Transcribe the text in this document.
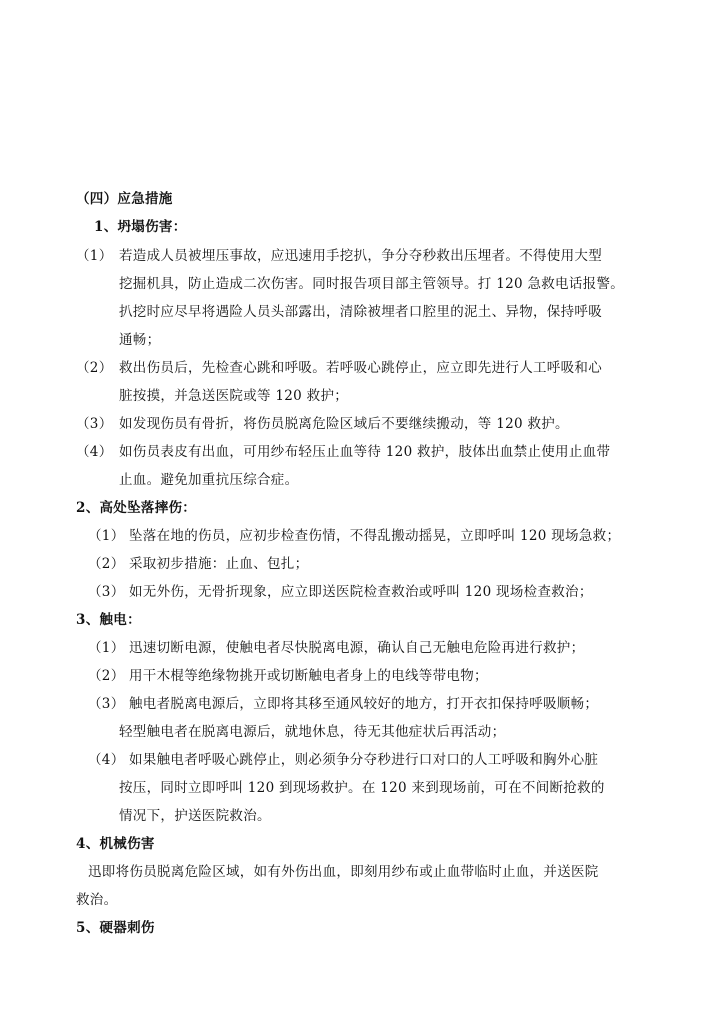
（四）应急措施
1、坍塌伤害：
（1） 若造成人员被埋压事故，应迅速用手挖扒，争分夺秒救出压埋者。不得使用大型
挖掘机具，防止造成二次伤害。同时报告项目部主管领导。打 120 急救电话报警。
扒挖时应尽早将遇险人员头部露出，清除被埋者口腔里的泥土、异物，保持呼吸
通畅；
（2） 救出伤员后，先检查心跳和呼吸。若呼吸心跳停止，应立即先进行人工呼吸和心
脏按摸，并急送医院或等 120 救护；
（3） 如发现伤员有骨折，将伤员脱离危险区域后不要继续搬动，等 120 救护。
（4） 如伤员表皮有出血，可用纱布轻压止血等待 120 救护，肢体出血禁止使用止血带
止血。避免加重抗压综合症。
2、高处坠落摔伤：
（1） 坠落在地的伤员，应初步检查伤情，不得乱搬动摇晃，立即呼叫 120 现场急救；
（2） 采取初步措施：止血、包扎；
（3） 如无外伤，无骨折现象，应立即送医院检查救治或呼叫 120 现场检查救治；
3、触电：
（1） 迅速切断电源，使触电者尽快脱离电源，确认自己无触电危险再进行救护；
（2） 用干木棍等绝缘物挑开或切断触电者身上的电线等带电物；
（3） 触电者脱离电源后，立即将其移至通风较好的地方，打开衣扣保持呼吸顺畅；
轻型触电者在脱离电源后，就地休息，待无其他症状后再活动；
（4） 如果触电者呼吸心跳停止，则必须争分夺秒进行口对口的人工呼吸和胸外心脏
按压，同时立即呼叫 120 到现场救护。在 120 来到现场前，可在不间断抢救的
情况下，护送医院救治。
4、机械伤害
迅即将伤员脱离危险区域，如有外伤出血，即刻用纱布或止血带临时止血，并送医院
救治。
5、硬器刺伤
